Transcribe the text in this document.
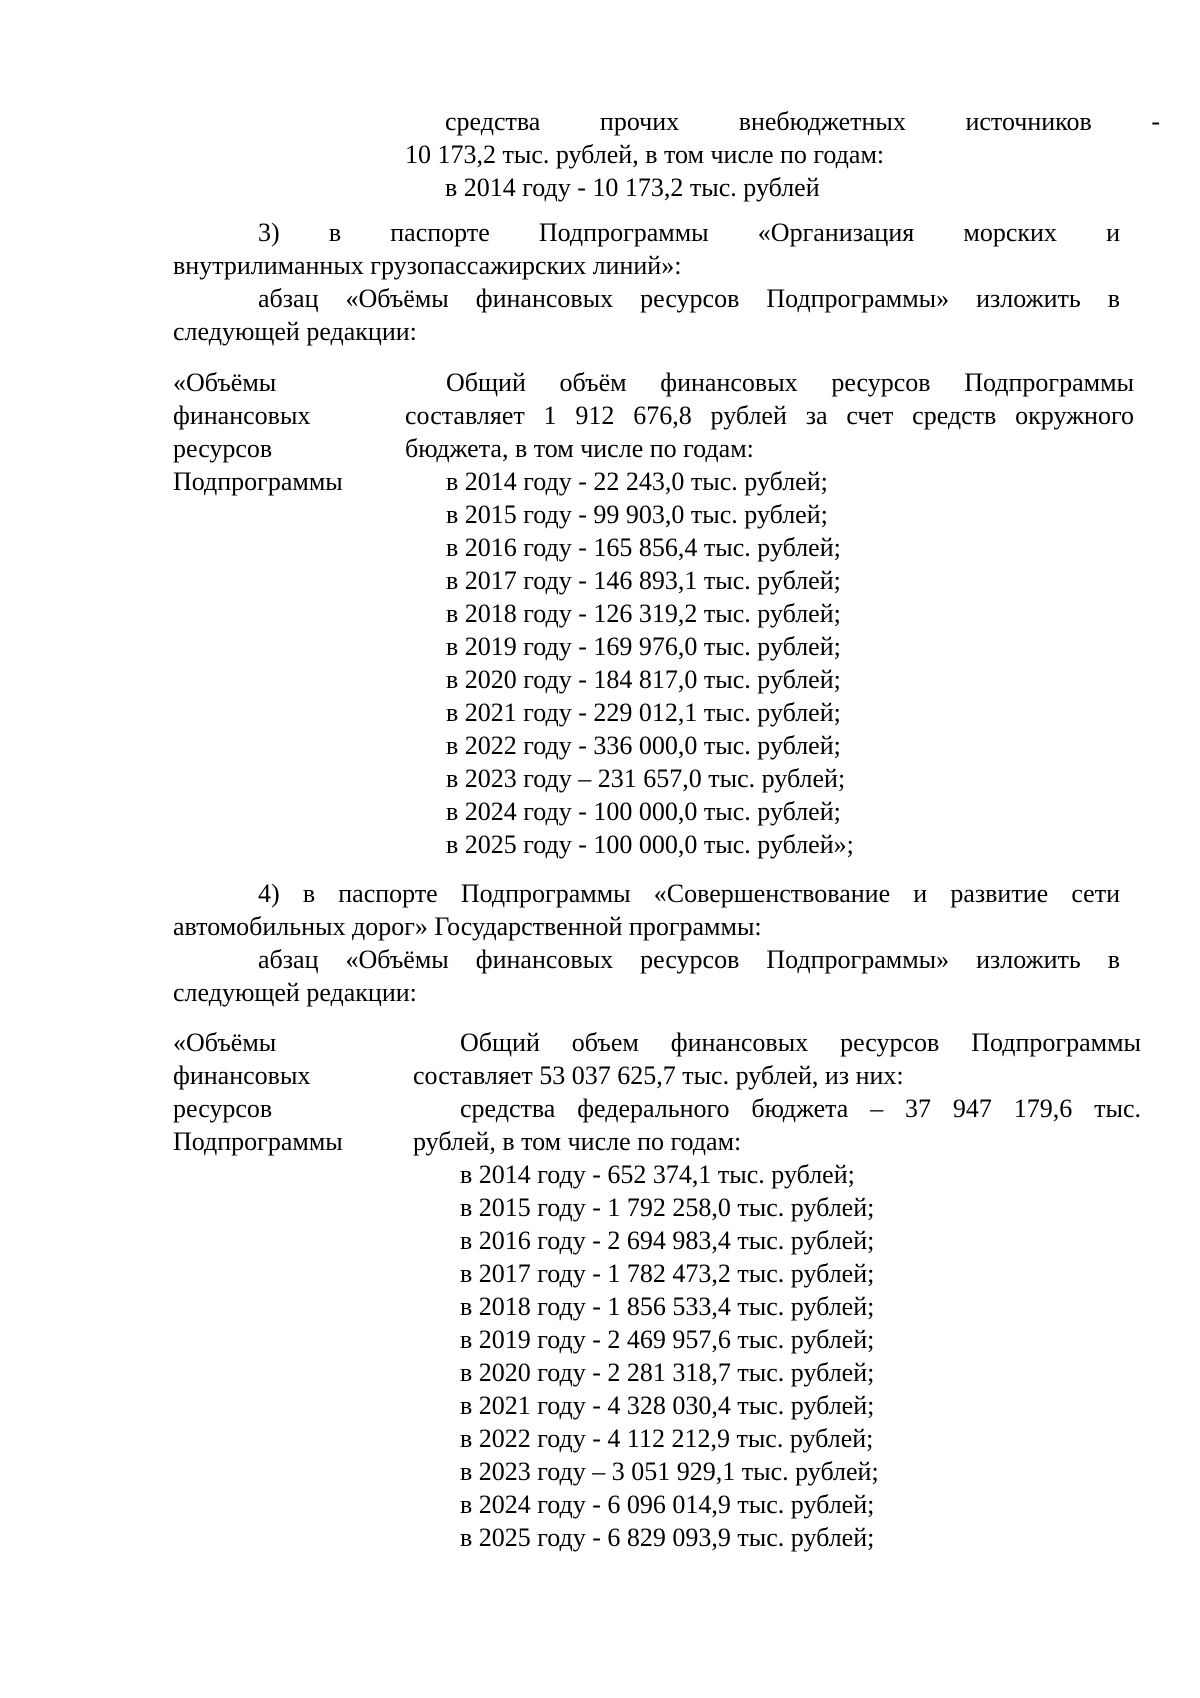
средства прочих внебюджетных источников -
10 173,2 тыс. рублей, в том числе по годам:
в 2014 году - 10 173,2 тыс. рублей
3) в паспорте Подпрограммы «Организация морских и
внутрилиманных грузопассажирских линий»:
абзац «Объёмы финансовых ресурсов Подпрограммы» изложить в
следующей редакции:
«Объёмы
финансовых
ресурсов
Подпрограммы
Общий объём финансовых ресурсов Подпрограммы
составляет 1 912 676,8 рублей за счет средств окружного
бюджета, в том числе по годам:
в 2014 году - 22 243,0 тыс. рублей;
в 2015 году - 99 903,0 тыс. рублей;
в 2016 году - 165 856,4 тыс. рублей;
в 2017 году - 146 893,1 тыс. рублей;
в 2018 году - 126 319,2 тыс. рублей;
в 2019 году - 169 976,0 тыс. рублей;
в 2020 году - 184 817,0 тыс. рублей;
в 2021 году - 229 012,1 тыс. рублей;
в 2022 году - 336 000,0 тыс. рублей;
в 2023 году – 231 657,0 тыс. рублей;
в 2024 году - 100 000,0 тыс. рублей;
в 2025 году - 100 000,0 тыс. рублей»;
4) в паспорте Подпрограммы «Совершенствование и развитие сети
автомобильных дорог» Государственной программы:
абзац «Объёмы финансовых ресурсов Подпрограммы» изложить в
следующей редакции:
«Объёмы
финансовых
ресурсов
Подпрограммы
Общий объем финансовых ресурсов Подпрограммы
составляет 53 037 625,7 тыс. рублей, из них:
средства федерального бюджета – 37 947 179,6 тыс.
рублей, в том числе по годам:
в 2014 году - 652 374,1 тыс. рублей;
в 2015 году - 1 792 258,0 тыс. рублей;
в 2016 году - 2 694 983,4 тыс. рублей;
в 2017 году - 1 782 473,2 тыс. рублей;
в 2018 году - 1 856 533,4 тыс. рублей;
в 2019 году - 2 469 957,6 тыс. рублей;
в 2020 году - 2 281 318,7 тыс. рублей;
в 2021 году - 4 328 030,4 тыс. рублей;
в 2022 году - 4 112 212,9 тыс. рублей;
в 2023 году – 3 051 929,1 тыс. рублей;
в 2024 году - 6 096 014,9 тыс. рублей;
в 2025 году - 6 829 093,9 тыс. рублей;
